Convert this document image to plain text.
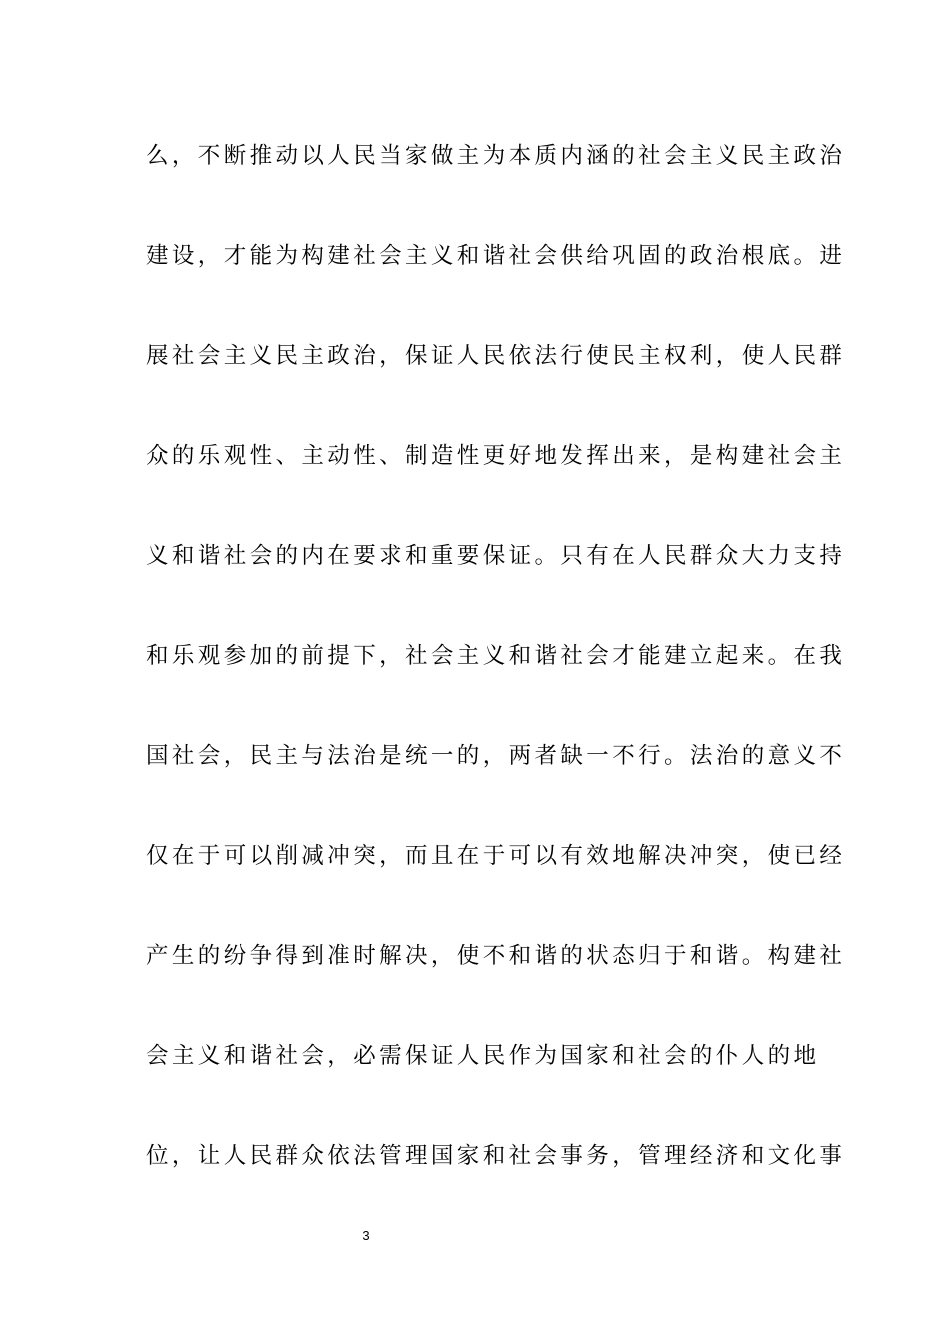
么，不断推动以人民当家做主为本质内涵的社会主义民主政治
建设，才能为构建社会主义和谐社会供给巩固的政治根底。进
展社会主义民主政治，保证人民依法行使民主权利，使人民群
众的乐观性、主动性、制造性更好地发挥出来，是构建社会主
义和谐社会的内在要求和重要保证。只有在人民群众大力支持
和乐观参加的前提下，社会主义和谐社会才能建立起来。在我
国社会，民主与法治是统一的，两者缺一不行。法治的意义不
仅在于可以削减冲突，而且在于可以有效地解决冲突，使已经
产生的纷争得到准时解决，使不和谐的状态归于和谐。构建社
会主义和谐社会，必需保证人民作为国家和社会的仆人的地
位，让人民群众依法管理国家和社会事务，管理经济和文化事
3
